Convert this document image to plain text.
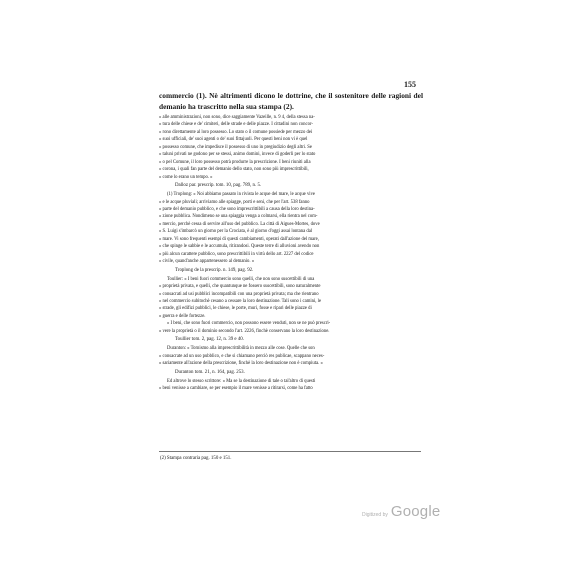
155

commercio (1). Nè altrimenti dicono le dottrine, che il sostenitore delle ragioni del demanio ha trascritto nella sua stampa (2).

» alle amministrazioni, non sono, dice saggiamente Vazeille, n. 9 4, della stessa na-

» tura delle chiese e de' cimiteri, delle strade e delle piazze. I cittadini non concor-

» rono direttamente al loro possesso. Lo stato o il comune possiede per mezzo dei

» suoi ufficiali, de' suoi agenti o de' suoi fittajuoli. Per questi beni non vi è quel

» possesso comune, che impedisce il possesso di uno in pregiudizio degli altri. Se

» taluni privati ne godono per se stessi, animo domini, invece di goderli per lo stato

» o pel Comune, il loro possesso potrà produrre la prescrizione. I beni riuniti alla

» corona, i quali fan parte del demanio dello stato, non sono più imprescrittibili,

» come lo erano un tempo. »

Dalloz par. prescrip. tom. 10, pag. 789, n. 5.

(1) Troplong: « Noi abbiamo passato in rivista le acque del mare, le acque vive

» e le acque pluviali; arriviamo alle spiagge, porti e seni, che per l'art. 538 fanno

» parte del demanio pubblico, e che sono imprescrittibili a causa della loro destina-

» zione pubblica. Nondimeno se una spiaggia venga a colmarsi, ella rientra nel com-

» mercio, perchè cessa di servire all'uso del pubblico. La città di Aigues-Mortes, dove

» S. Luigi s'imbarcò un giorno per la Crociata, è al giorno d'oggi assai lontana dal

» mare. Vi sono frequenti esempi di questi cambiamenti, operati dall'azione del mare,

» che spinge le sabbie e le accumula, ritirandosi. Queste terre di alluvioni avendo non

» più alcun carattere pubblico, sono prescrittibili in virtù dello art. 2227 del codice

» civile, quand'anche appartenessero al demanio. »

Troplong de la prescrip. n. 149, pag. 92.

Toullier: « I beni fuori commercio sono quelli, che non sono suscettibili di una

» proprietà privata, e quelli, che quantunque ne fossero suscettibili, sono naturalmente

» consacrati ad usi pubblici incompatibili con una proprietà privata; ma che rientrano

» nel commercio subitochè cesano a cessare la loro destinazione. Tali sono i camini, le

» strade, gli edifizi pubblici, le chiese, le porte, muri, fosse e ripari delle piazze di

» guerra e delle fortezze.

» I beni, che sono fuori commercio, non possono essere venduti, non se ne può prescri-

» vere la proprietà o il dominio secondo l'art. 2226, finchè conservano la loro destinazione.

Toullier tom. 2, pag. 12, n. 39 e 40.

Duranton: « Tornismo alla imprescrittibilità in mezzo alle cose. Quelle che son

» consacrate ad un uso pubblico, e che si chiamano perciò res publicae, scappano neces-

» sariamente all'azione della prescrizione, finchè la loro destinazione non è compiuta. »

Duranton tom. 21, n. 164, pag. 253.

Ed altrove lo stesso scrittore: « Ma se la destinazione di tale o tal'altro di questi

» beni venisse a cambiare, se per esempio il mare venisse a ritirarsi, come ha fatto

(2) Stampa contraria pag. 150 e 151.
Digitized by Google
